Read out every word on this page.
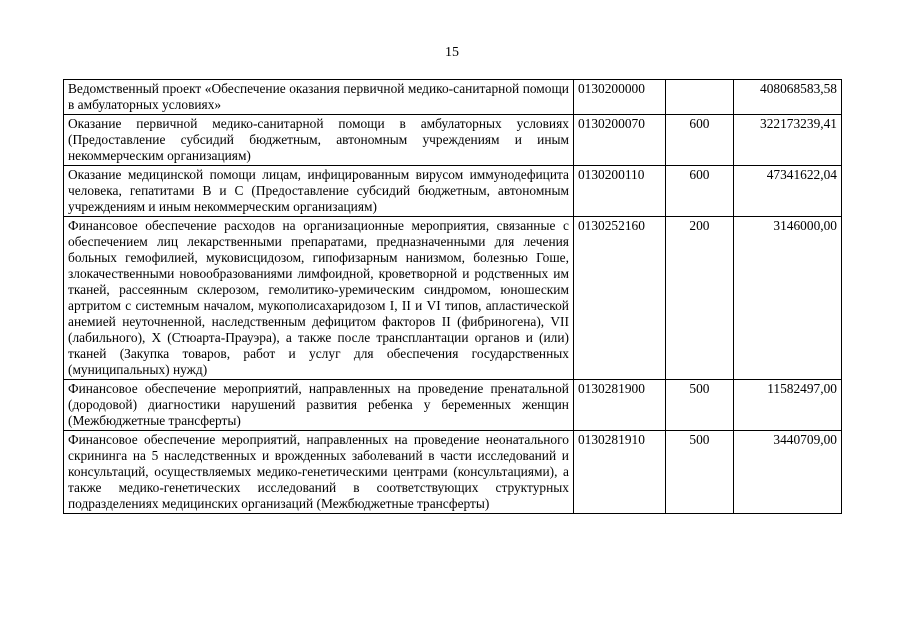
15
Ведомственный проект «Обеспечение оказания первичной медико-санитарной помощи в амбулаторных условиях»	0130200000		408068583,58
Оказание первичной медико-санитарной помощи в амбулаторных условиях (Предоставление субсидий бюджетным, автономным учреждениям и иным некоммерческим организациям)	0130200070	600	322173239,41
Оказание медицинской помощи лицам, инфицированным вирусом иммунодефицита человека, гепатитами B и C (Предоставление субсидий бюджетным, автономным учреждениям и иным некоммерческим организациям)	0130200110	600	47341622,04
Финансовое обеспечение расходов на организационные мероприятия, связанные с обеспечением лиц лекарственными препаратами, предназначенными для лечения больных гемофилией, муковисцидозом, гипофизарным нанизмом, болезнью Гоше, злокачественными новообразованиями лимфоидной, кроветворной и родственных им тканей, рассеянным склерозом, гемолитико-уремическим синдромом, юношеским артритом с системным началом, мукополисахаридозом I, II и VI типов, апластической анемией неуточненной, наследственным дефицитом факторов II (фибриногена), VII (лабильного), X (Стюарта-Прауэра), а также после трансплантации органов и (или) тканей (Закупка товаров, работ и услуг для обеспечения государственных (муниципальных) нужд)	0130252160	200	3146000,00
Финансовое обеспечение мероприятий, направленных на проведение пренатальной (дородовой) диагностики нарушений развития ребенка у беременных женщин (Межбюджетные трансферты)	0130281900	500	11582497,00
Финансовое обеспечение мероприятий, направленных на проведение неонатального скрининга на 5 наследственных и врожденных заболеваний в части исследований и консультаций, осуществляемых медико-генетическими центрами (консультациями), а также медико-генетических исследований в соответствующих структурных подразделениях медицинских организаций (Межбюджетные трансферты)	0130281910	500	3440709,00
